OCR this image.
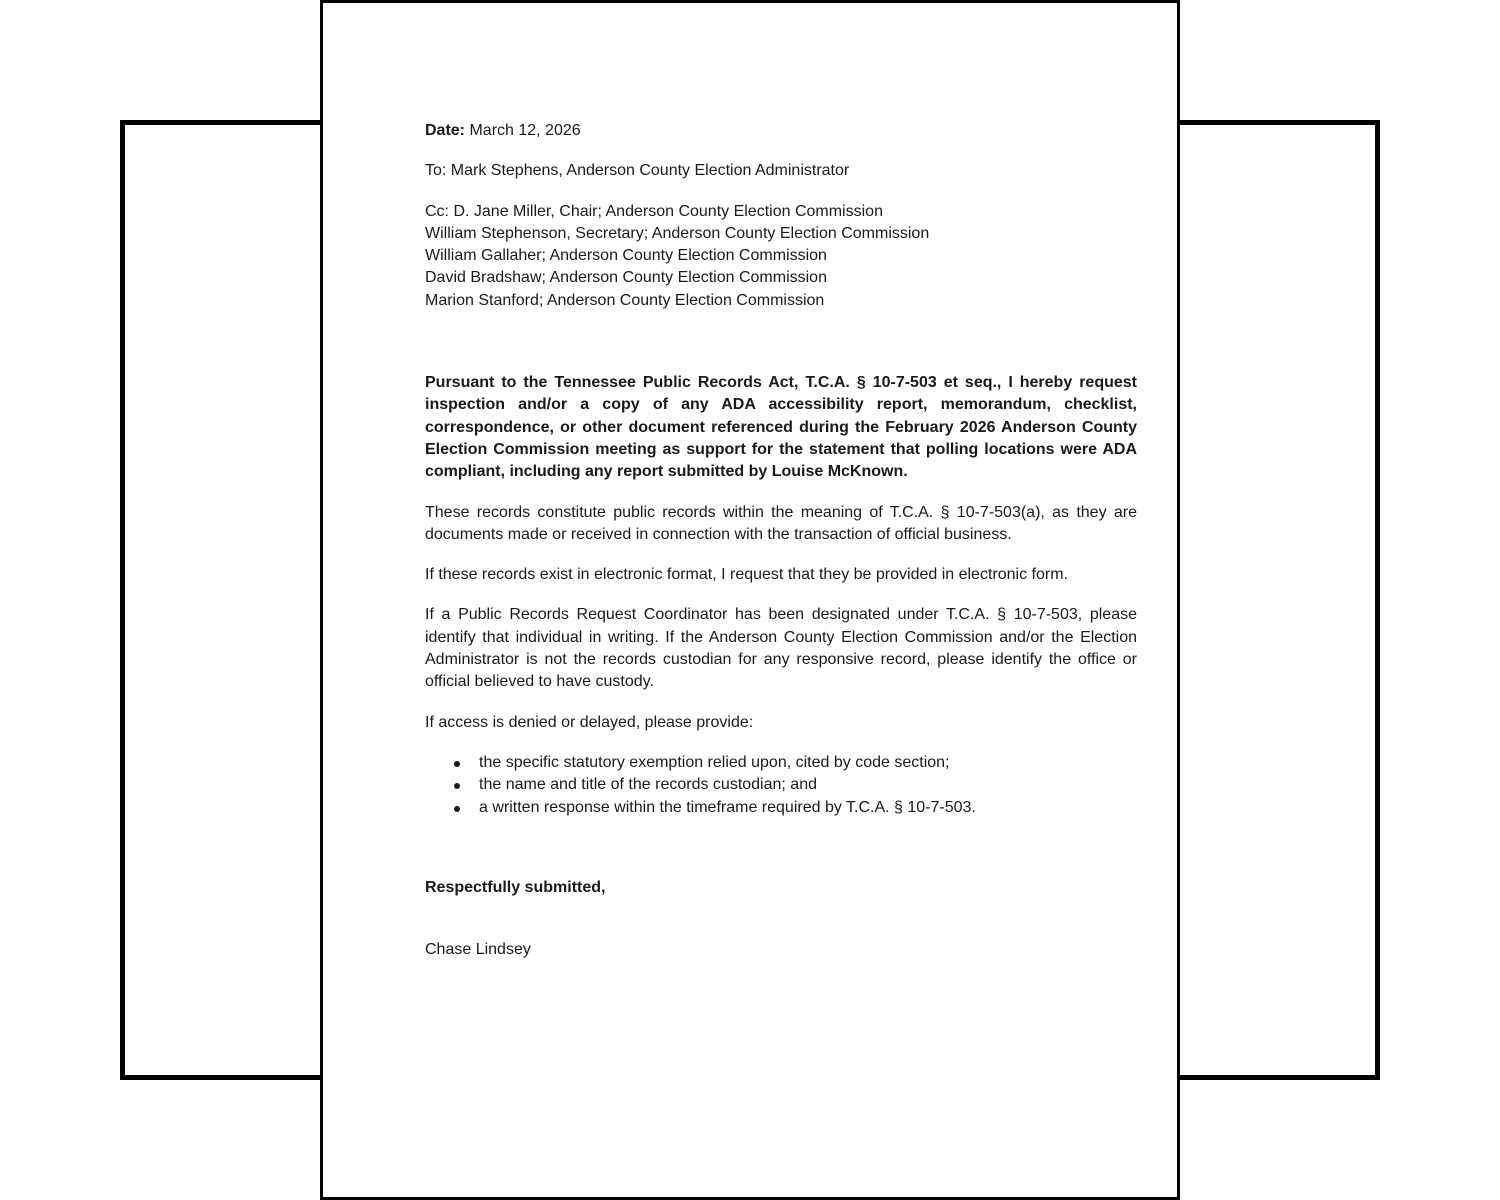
Date: March 12, 2026

To: Mark Stephens, Anderson County Election Administrator

Cc: D. Jane Miller, Chair; Anderson County Election Commission
William Stephenson, Secretary; Anderson County Election Commission
William Gallaher; Anderson County Election Commission
David Bradshaw; Anderson County Election Commission
Marion Stanford; Anderson County Election Commission

Pursuant to the Tennessee Public Records Act, T.C.A. § 10-7-503 et seq., I hereby request inspection and/or a copy of any ADA accessibility report, memorandum, checklist, correspondence, or other document referenced during the February 2026 Anderson County Election Commission meeting as support for the statement that polling locations were ADA compliant, including any report submitted by Louise McKnown.

These records constitute public records within the meaning of T.C.A. § 10-7-503(a), as they are documents made or received in connection with the transaction of official business.

If these records exist in electronic format, I request that they be provided in electronic form.

If a Public Records Request Coordinator has been designated under T.C.A. § 10-7-503, please identify that individual in writing. If the Anderson County Election Commission and/or the Election Administrator is not the records custodian for any responsive record, please identify the office or official believed to have custody.

If access is denied or delayed, please provide:

the specific statutory exemption relied upon, cited by code section;
the name and title of the records custodian; and
a written response within the timeframe required by T.C.A. § 10-7-503.

Respectfully submitted,

Chase Lindsey
